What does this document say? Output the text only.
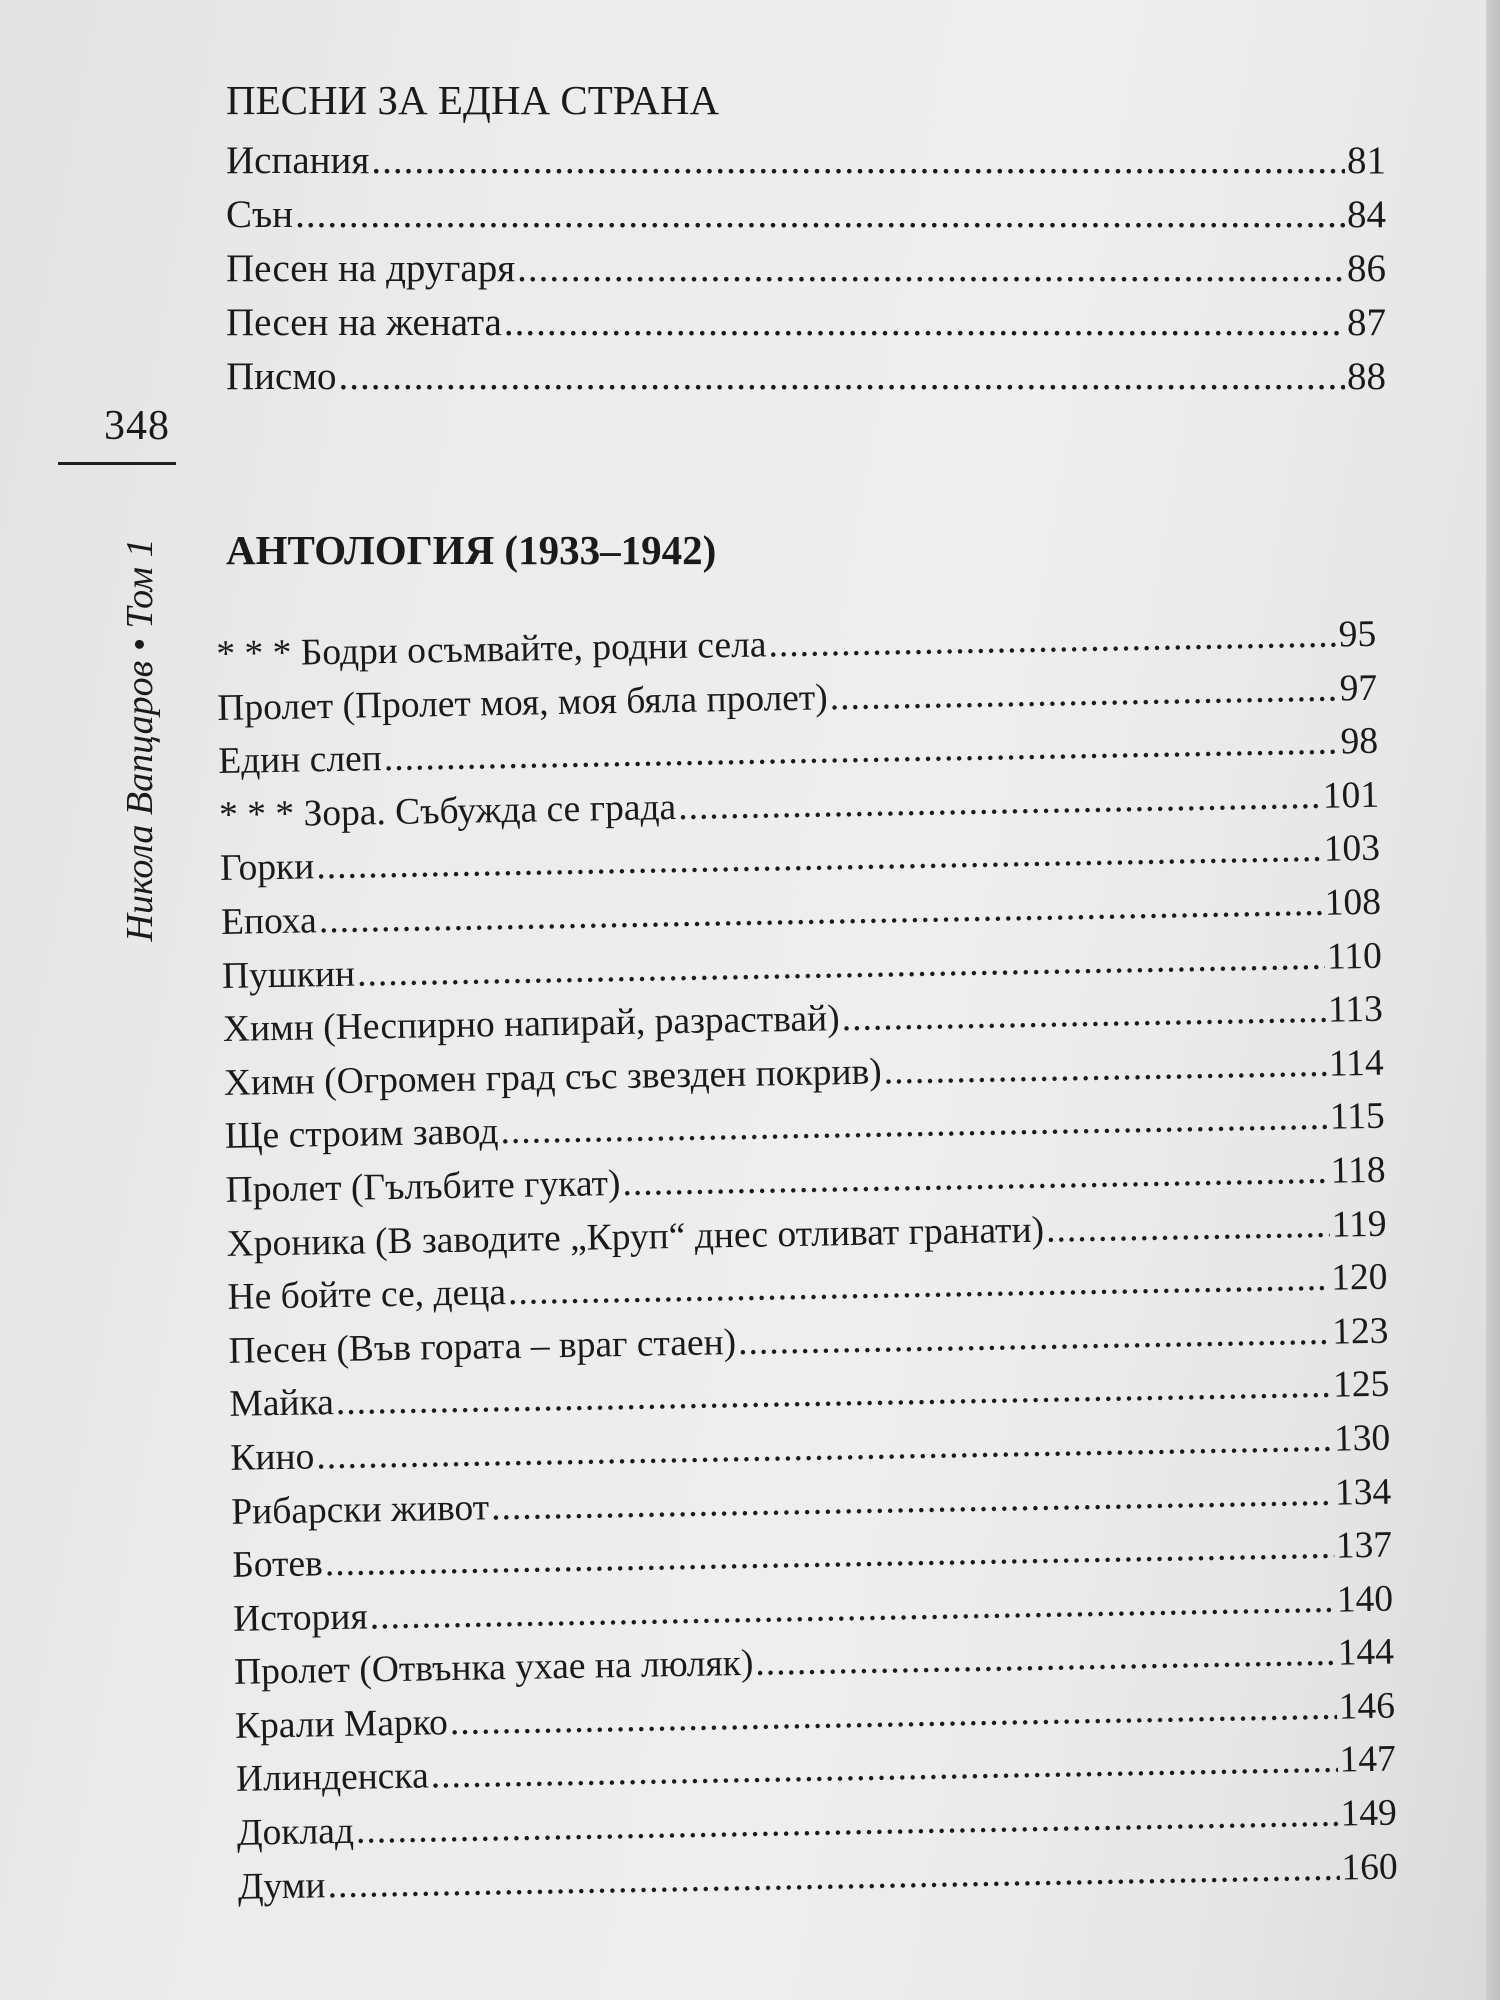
348
Никола Вапцаров • Том 1
ПЕСНИ ЗА ЕДНА СТРАНА
Испания .....	81
Сън .....	84
Песен на другаря .....	86
Песен на жената .....	87
Писмо .....	88
АНТОЛОГИЯ (1933–1942)
* * * Бодри осъмвайте, родни села .....	95
Пролет (Пролет моя, моя бяла пролет) .....	97
Един слеп .....	98
* * * Зора. Събужда се града .....	101
Горки .....	103
Епоха .....	108
Пушкин .....	110
Химн (Неспирно напирай, разраствай) .....	113
Химн (Огромен град със звезден покрив) .....	114
Ще строим завод .....	115
Пролет (Гълъбите гукат) .....	118
Хроника (В заводите „Круп“ днес отливат гранати) .....	119
Не бойте се, деца .....	120
Песен (Във гората – враг стаен) .....	123
Майка .....	125
Кино .....	130
Рибарски живот .....	134
Ботев .....	137
История .....	140
Пролет (Отвънка ухае на люляк) .....	144
Крали Марко .....	146
Илинденска .....	147
Доклад .....	149
Думи .....	160
